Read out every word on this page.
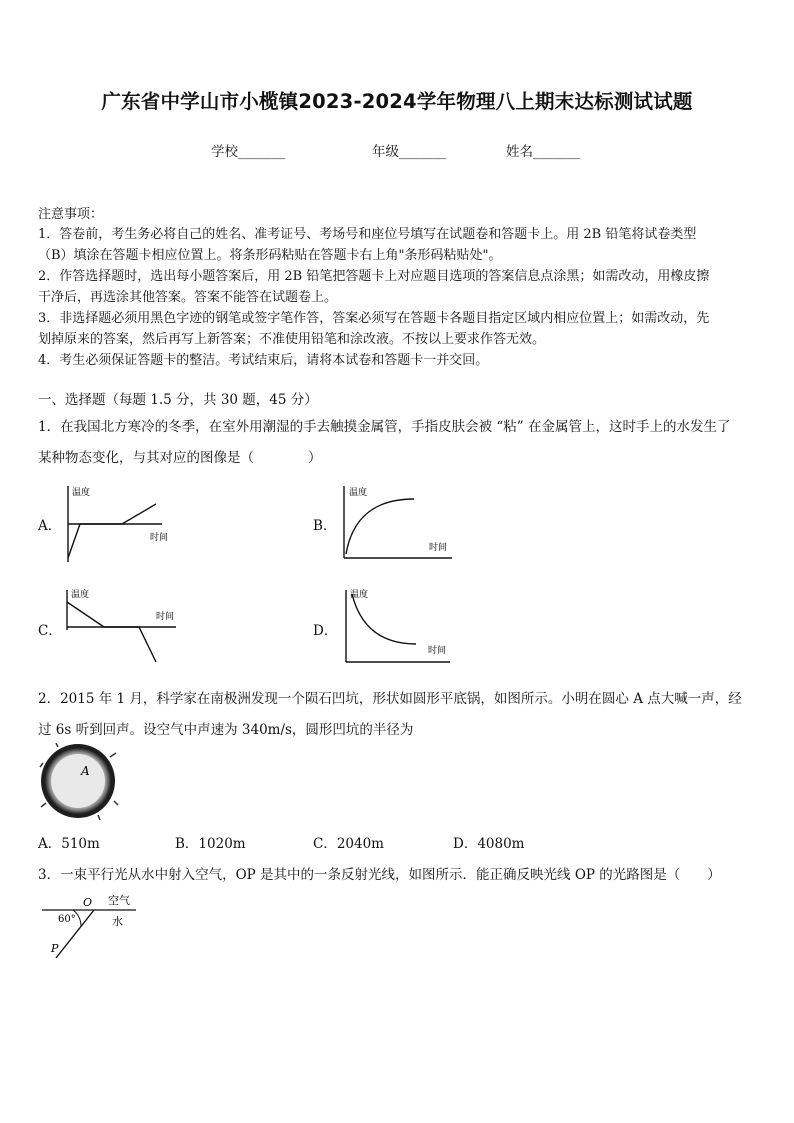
广东省中学山市小榄镇2023-2024学年物理八上期末达标测试试题
学校_______	年级_______	姓名_______
注意事项：
1．答卷前，考生务必将自己的姓名、准考证号、考场号和座位号填写在试题卷和答题卡上。用 2B 铅笔将试卷类型
（B）填涂在答题卡相应位置上。将条形码粘贴在答题卡右上角"条形码粘贴处"。
2．作答选择题时，选出每小题答案后，用 2B 铅笔把答题卡上对应题目选项的答案信息点涂黑；如需改动，用橡皮擦
干净后，再选涂其他答案。答案不能答在试题卷上。
3．非选择题必须用黑色字迹的钢笔或签字笔作答，答案必须写在答题卡各题目指定区域内相应位置上；如需改动，先
划掉原来的答案，然后再写上新答案；不准使用铅笔和涂改液。不按以上要求作答无效。
4．考生必须保证答题卡的整洁。考试结束后，请将本试卷和答题卡一并交回。
一、选择题（每题 1.5 分，共 30 题，45 分）
1．在我国北方寒冷的冬季，在室外用潮湿的手去触摸金属管，手指皮肤会被 “粘” 在金属管上，这时手上的水发生了
某种物态变化，与其对应的图像是（　　　　）
A．	B．
C．	D．
温度
时间
温度
时间
温度
时间
温度
时间
2．2015 年 1 月，科学家在南极洲发现一个陨石凹坑，形状如圆形平底锅，如图所示。小明在圆心 A 点大喊一声，经
过 6s 听到回声。设空气中声速为 340m/s，圆形凹坑的半径为
A
A．510m	B．1020m	C．2040m	D．4080m
3．一束平行光从水中射入空气，OP 是其中的一条反射光线，如图所示．能正确反映光线 OP 的光路图是（　　）
O 空气
水
60°
P
